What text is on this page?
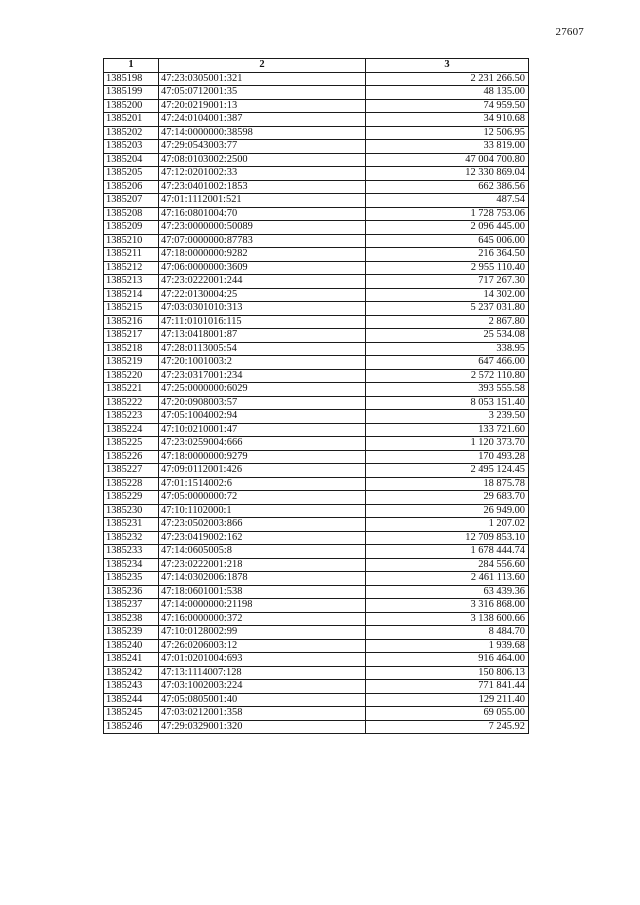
27607
1	2	3
1385198	47:23:0305001:321	2 231 266.50
1385199	47:05:0712001:35	48 135.00
1385200	47:20:0219001:13	74 959.50
1385201	47:24:0104001:387	34 910.68
1385202	47:14:0000000:38598	12 506.95
1385203	47:29:0543003:77	33 819.00
1385204	47:08:0103002:2500	47 004 700.80
1385205	47:12:0201002:33	12 330 869.04
1385206	47:23:0401002:1853	662 386.56
1385207	47:01:1112001:521	487.54
1385208	47:16:0801004:70	1 728 753.06
1385209	47:23:0000000:50089	2 096 445.00
1385210	47:07:0000000:87783	645 006.00
1385211	47:18:0000000:9282	216 364.50
1385212	47:06:0000000:3609	2 955 110.40
1385213	47:23:0222001:244	717 267.30
1385214	47:22:0130004:25	14 302.00
1385215	47:03:0301010:313	5 237 031.80
1385216	47:11:0101016:115	2 867.80
1385217	47:13:0418001:87	25 534.08
1385218	47:28:0113005:54	338.95
1385219	47:20:1001003:2	647 466.00
1385220	47:23:0317001:234	2 572 110.80
1385221	47:25:0000000:6029	393 555.58
1385222	47:20:0908003:57	8 053 151.40
1385223	47:05:1004002:94	3 239.50
1385224	47:10:0210001:47	133 721.60
1385225	47:23:0259004:666	1 120 373.70
1385226	47:18:0000000:9279	170 493.28
1385227	47:09:0112001:426	2 495 124.45
1385228	47:01:1514002:6	18 875.78
1385229	47:05:0000000:72	29 683.70
1385230	47:10:1102000:1	26 949.00
1385231	47:23:0502003:866	1 207.02
1385232	47:23:0419002:162	12 709 853.10
1385233	47:14:0605005:8	1 678 444.74
1385234	47:23:0222001:218	284 556.60
1385235	47:14:0302006:1878	2 461 113.60
1385236	47:18:0601001:538	63 439.36
1385237	47:14:0000000:21198	3 316 868.00
1385238	47:16:0000000:372	3 138 600.66
1385239	47:10:0128002:99	8 484.70
1385240	47:26:0206003:12	1 939.68
1385241	47:01:0201004:693	916 464.00
1385242	47:13:1114007:128	150 806.13
1385243	47:03:1002003:224	771 841.44
1385244	47:05:0805001:40	129 211.40
1385245	47:03:0212001:358	69 055.00
1385246	47:29:0329001:320	7 245.92
